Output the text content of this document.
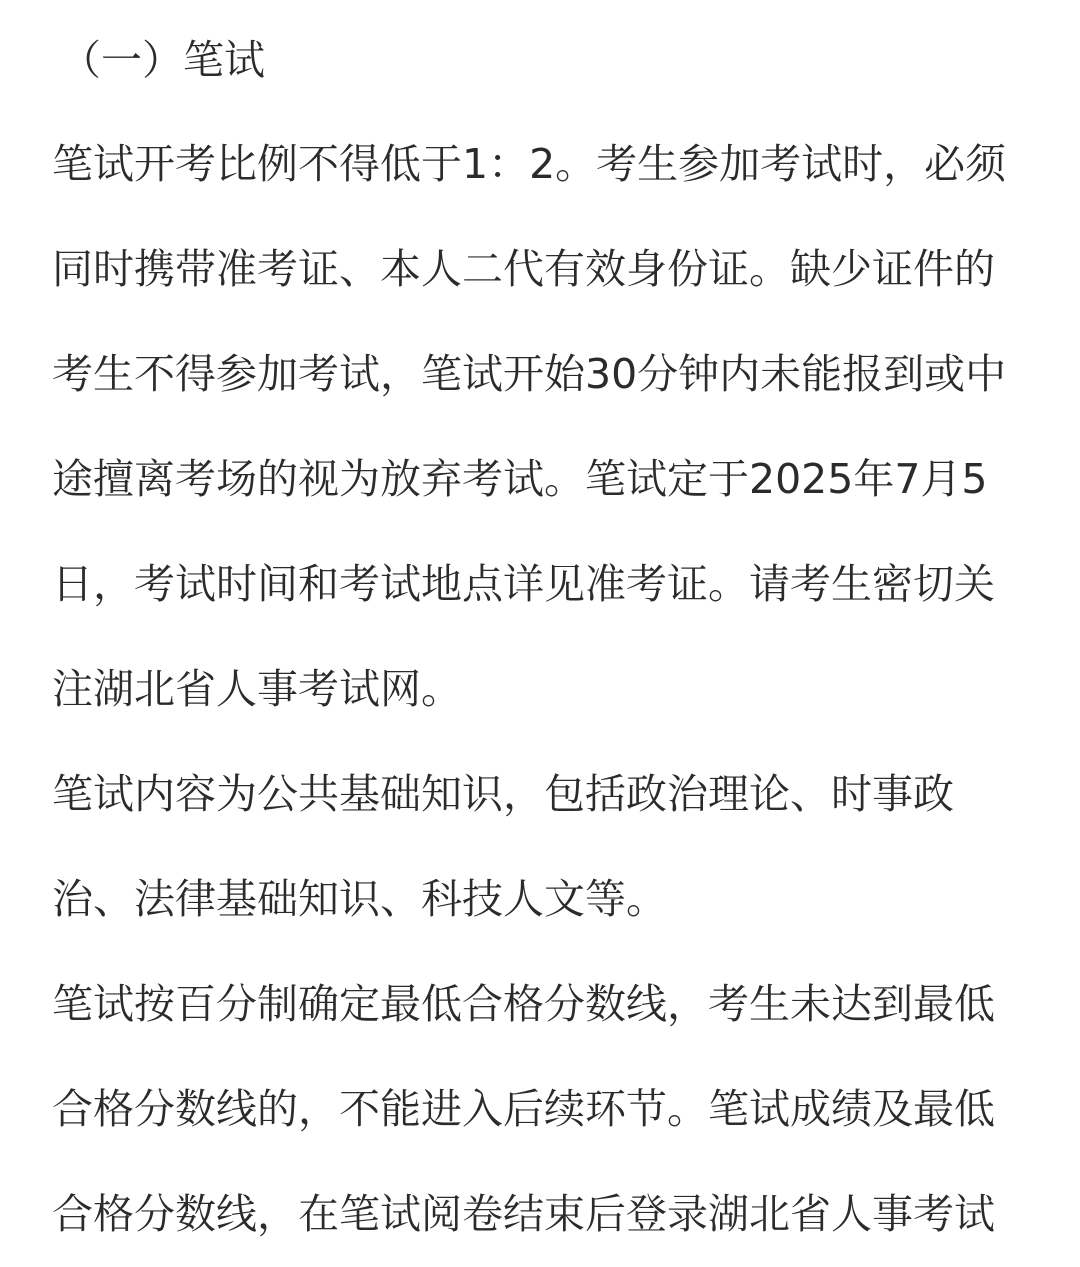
（一）笔试

笔试开考比例不得低于1：2。考生参加考试时，必须

同时携带准考证、本人二代有效身份证。缺少证件的

考生不得参加考试，笔试开始30分钟内未能报到或中

途擅离考场的视为放弃考试。笔试定于2025年7月5

日，考试时间和考试地点详见准考证。请考生密切关

注湖北省人事考试网。

笔试内容为公共基础知识，包括政治理论、时事政

治、法律基础知识、科技人文等。

笔试按百分制确定最低合格分数线，考生未达到最低

合格分数线的，不能进入后续环节。笔试成绩及最低

合格分数线，在笔试阅卷结束后登录湖北省人事考试
